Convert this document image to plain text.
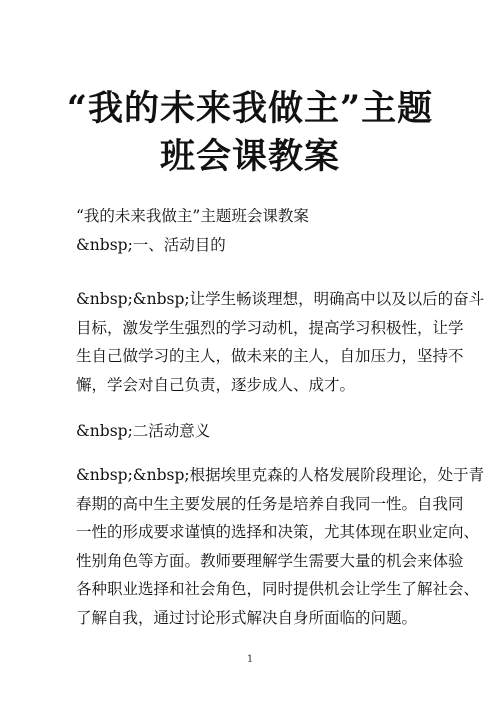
“我的未来我做主”主题
班会课教案
“我的未来我做主”主题班会课教案
&nbsp;一、活动目的
&nbsp;&nbsp;让学生畅谈理想，明确高中以及以后的奋斗
目标，激发学生强烈的学习动机，提高学习积极性，让学
生自己做学习的主人，做未来的主人，自加压力，坚持不
懈，学会对自己负责，逐步成人、成才。
&nbsp;二活动意义
&nbsp;&nbsp;根据埃里克森的人格发展阶段理论，处于青
春期的高中生主要发展的任务是培养自我同一性。自我同
一性的形成要求谨慎的选择和决策，尤其体现在职业定向、
性别角色等方面。教师要理解学生需要大量的机会来体验
各种职业选择和社会角色，同时提供机会让学生了解社会、
了解自我，通过讨论形式解决自身所面临的问题。
1
